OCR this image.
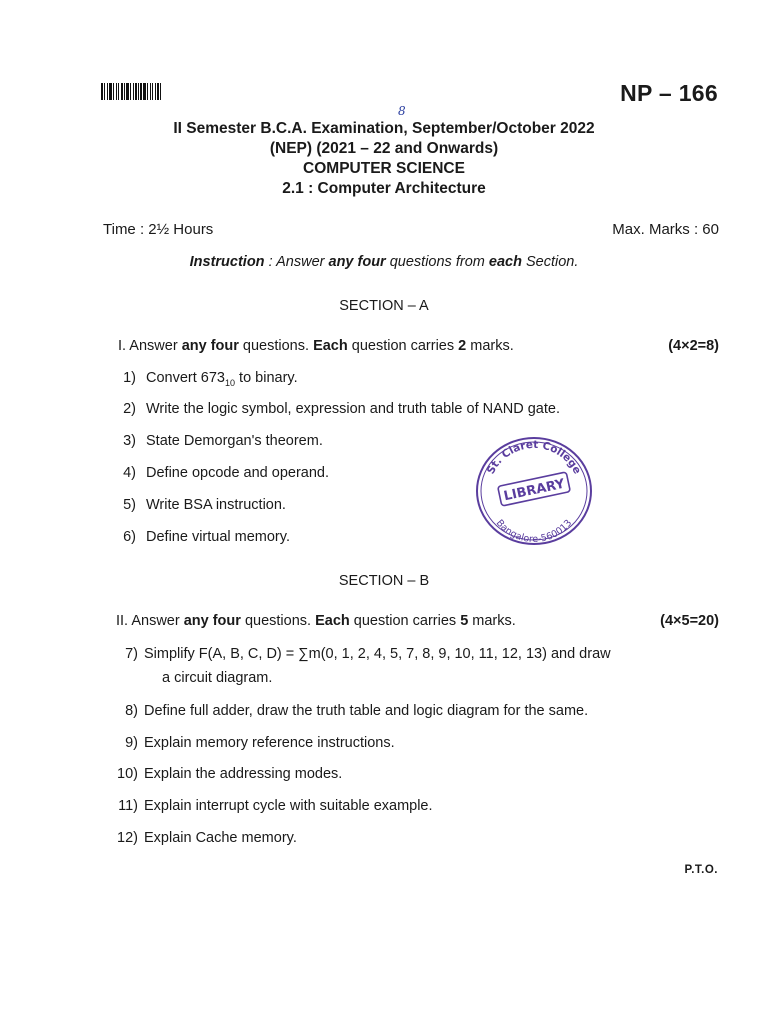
NP – 166
8
II Semester B.C.A. Examination, September/October 2022
(NEP) (2021 – 22 and Onwards)
COMPUTER SCIENCE
2.1 : Computer Architecture
Time : 2½ Hours	Max. Marks : 60
Instruction : Answer any four questions from each Section.
SECTION – A
I. Answer any four questions. Each question carries 2 marks.	(4×2=8)
1) Convert $673_{10}$ to binary.
2) Write the logic symbol, expression and truth table of NAND gate.
3) State Demorgan's theorem.
4) Define opcode and operand.
5) Write BSA instruction.
6) Define virtual memory.
St. Claret College
LIBRARY
Bangalore-560013
SECTION – B
II. Answer any four questions. Each question carries 5 marks.	(4×5=20)
7) Simplify F(A, B, C, D) = ∑m(0, 1, 2, 4, 5, 7, 8, 9, 10, 11, 12, 13) and draw
a circuit diagram.
8) Define full adder, draw the truth table and logic diagram for the same.
9) Explain memory reference instructions.
10) Explain the addressing modes.
11) Explain interrupt cycle with suitable example.
12) Explain Cache memory.
P.T.O.
